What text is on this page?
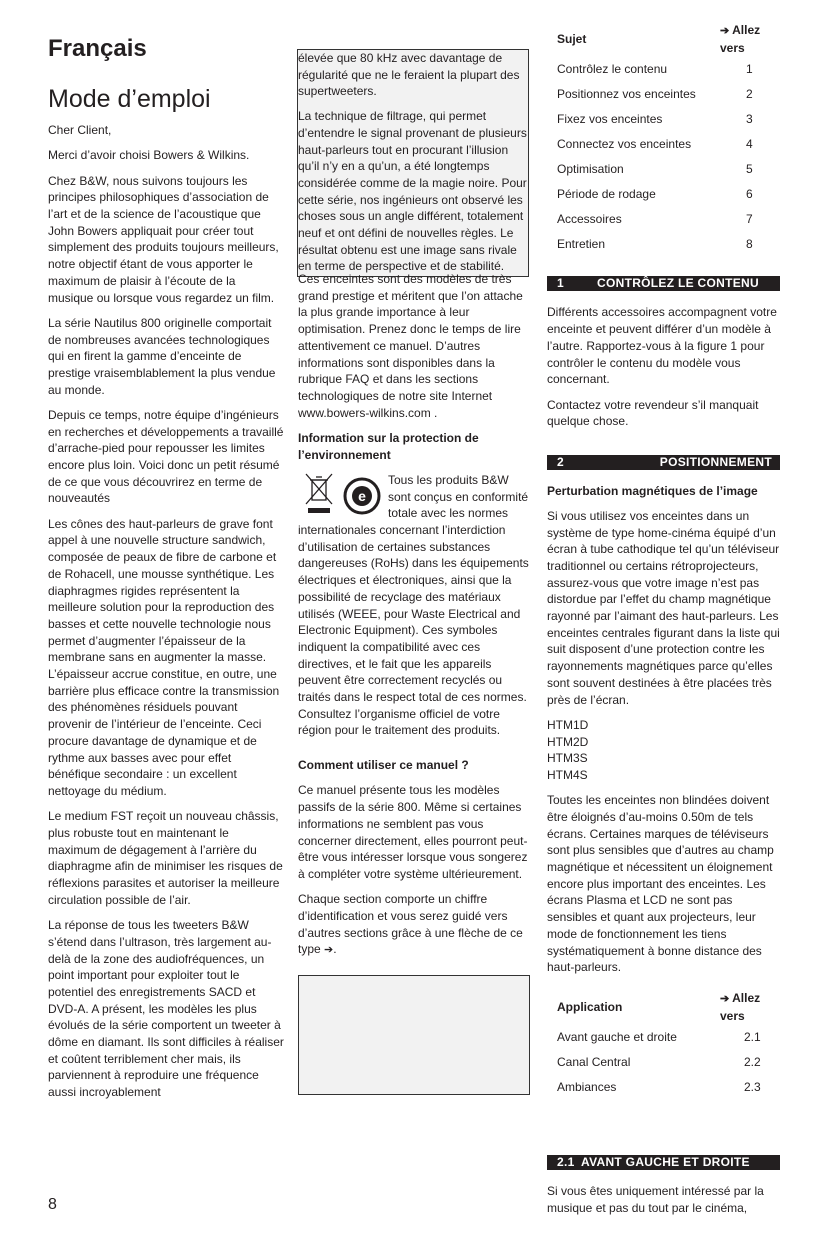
Français
Mode d’emploi

Cher Client,

Merci d’avoir choisi Bowers & Wilkins.

Chez B&W, nous suivons toujours les principes philosophiques d’association de l’art et de la science de l’acoustique que John Bowers appliquait pour créer tout simplement des produits toujours meilleurs, notre objectif étant de vous apporter le maximum de plaisir à l’écoute de la musique ou lorsque vous regardez un film.

La série Nautilus 800 originelle comportait de nombreuses avancées technologiques qui en firent la gamme d’enceinte de prestige vraisemblablement la plus vendue au monde.

Depuis ce temps, notre équipe d’ingénieurs en recherches et développements a travaillé d’arrache-pied pour repousser les limites encore plus loin. Voici donc un petit résumé de ce que vous découvrirez en terme de nouveautés

Les cônes des haut-parleurs de grave font appel à une nouvelle structure sandwich, composée de peaux de fibre de carbone et de Rohacell, une mousse synthétique. Les diaphragmes rigides représentent la meilleure solution pour la reproduction des basses et cette nouvelle technologie nous permet d’augmenter l’épaisseur de la membrane sans en augmenter la masse. L’épaisseur accrue constitue, en outre, une barrière plus efficace contre la transmission des phénomènes résiduels pouvant provenir de l’intérieur de l’enceinte. Ceci procure davantage de dynamique et de rythme aux basses avec pour effet bénéfique secondaire : un excellent nettoyage du médium.

Le medium FST reçoit un nouveau châssis, plus robuste tout en maintenant le maximum de dégagement à l’arrière du diaphragme afin de minimiser les risques de réflexions parasites et autoriser la meilleure circulation possible de l’air.

La réponse de tous les tweeters B&W s’étend dans l’ultrason, très largement au-delà de la zone des audiofréquences, un point important pour exploiter tout le potentiel des enregistrements SACD et DVD-A. A présent, les modèles les plus évolués de la série comportent un tweeter à dôme en diamant. Ils sont difficiles à réaliser et coûtent terriblement cher mais, ils parviennent à reproduire une fréquence aussi incroyablement

élevée que 80 kHz avec davantage de régularité que ne le feraient la plupart des supertweeters.

La technique de filtrage, qui permet d’entendre le signal provenant de plusieurs haut-parleurs tout en procurant l’illusion qu’il n’y en a qu’un, a été longtemps considérée comme de la magie noire. Pour cette série, nos ingénieurs ont observé les choses sous un angle différent, totalement neuf et ont défini de nouvelles règles. Le résultat obtenu est une image sans rivale en terme de perspective et de stabilité.

Ces enceintes sont des modèles de très grand prestige et méritent que l’on attache la plus grande importance à leur optimisation. Prenez donc le temps de lire attentivement ce manuel. D’autres informations sont disponibles dans la rubrique FAQ et dans les sections technologiques de notre site Internet www.bowers-wilkins.com .

Information sur la protection de l’environnement
e

Tous les produits B&W sont conçus en conformité totale avec les normes internationales concernant l’interdiction d’utilisation de certaines substances dangereuses (RoHs) dans les équipements électriques et électroniques, ainsi que la possibilité de recyclage des matériaux utilisés (WEEE, pour Waste Electrical and Electronic Equipment). Ces symboles indiquent la compatibilité avec ces directives, et le fait que les appareils peuvent être correctement recyclés ou traités dans le respect total de ces normes. Consultez l’organisme officiel de votre région pour le traitement des produits.

Comment utiliser ce manuel ?

Ce manuel présente tous les modèles passifs de la série 800. Même si certaines informations ne semblent pas vous concerner directement, elles pourront peut-être vous intéresser lorsque vous songerez à compléter votre système ultérieurement.

Chaque section comporte un chiffre d’identification et vous serez guidé vers d’autres sections grâce à une flèche de ce type ➔.

Sujet	➔ Allez vers
Contrôlez le contenu	1
Positionnez vos enceintes	2
Fixez vos enceintes	3
Connectez vos enceintes	4
Optimisation	5
Période de rodage	6
Accessoires	7
Entretien	8
1	CONTRÔLEZ LE CONTENU

Différents accessoires accompagnent votre enceinte et peuvent différer d’un modèle à l’autre. Rapportez-vous à la figure 1 pour contrôler le contenu du modèle vous concernant.

Contactez votre revendeur s’il manquait quelque chose.

2	POSITIONNEMENT
Perturbation magnétiques de l’image

Si vous utilisez vos enceintes dans un système de type home-cinéma équipé d’un écran à tube cathodique tel qu’un téléviseur traditionnel ou certains rétroprojecteurs, assurez-vous que votre image n’est pas distordue par l’effet du champ magnétique rayonné par l’aimant des haut-parleurs. Les enceintes centrales figurant dans la liste qui suit disposent d’une protection contre les rayonnements magnétiques parce qu’elles sont souvent destinées à être placées très près de l’écran.

HTM1D
HTM2D
HTM3S
HTM4S

Toutes les enceintes non blindées doivent être éloignés d’au-moins 0.50m de tels écrans. Certaines marques de téléviseurs sont plus sensibles que d’autres au champ magnétique et nécessitent un éloignement encore plus important des enceintes. Les écrans Plasma et LCD ne sont pas sensibles et quant aux projecteurs, leur mode de fonctionnement les tiens systématiquement à bonne distance des haut-parleurs.

Application	➔ Allez vers
Avant gauche et droite	2.1
Canal Central	2.2
Ambiances	2.3
2.1 AVANT GAUCHE ET DROITE

Si vous êtes uniquement intéressé par la musique et pas du tout par le cinéma,

8
